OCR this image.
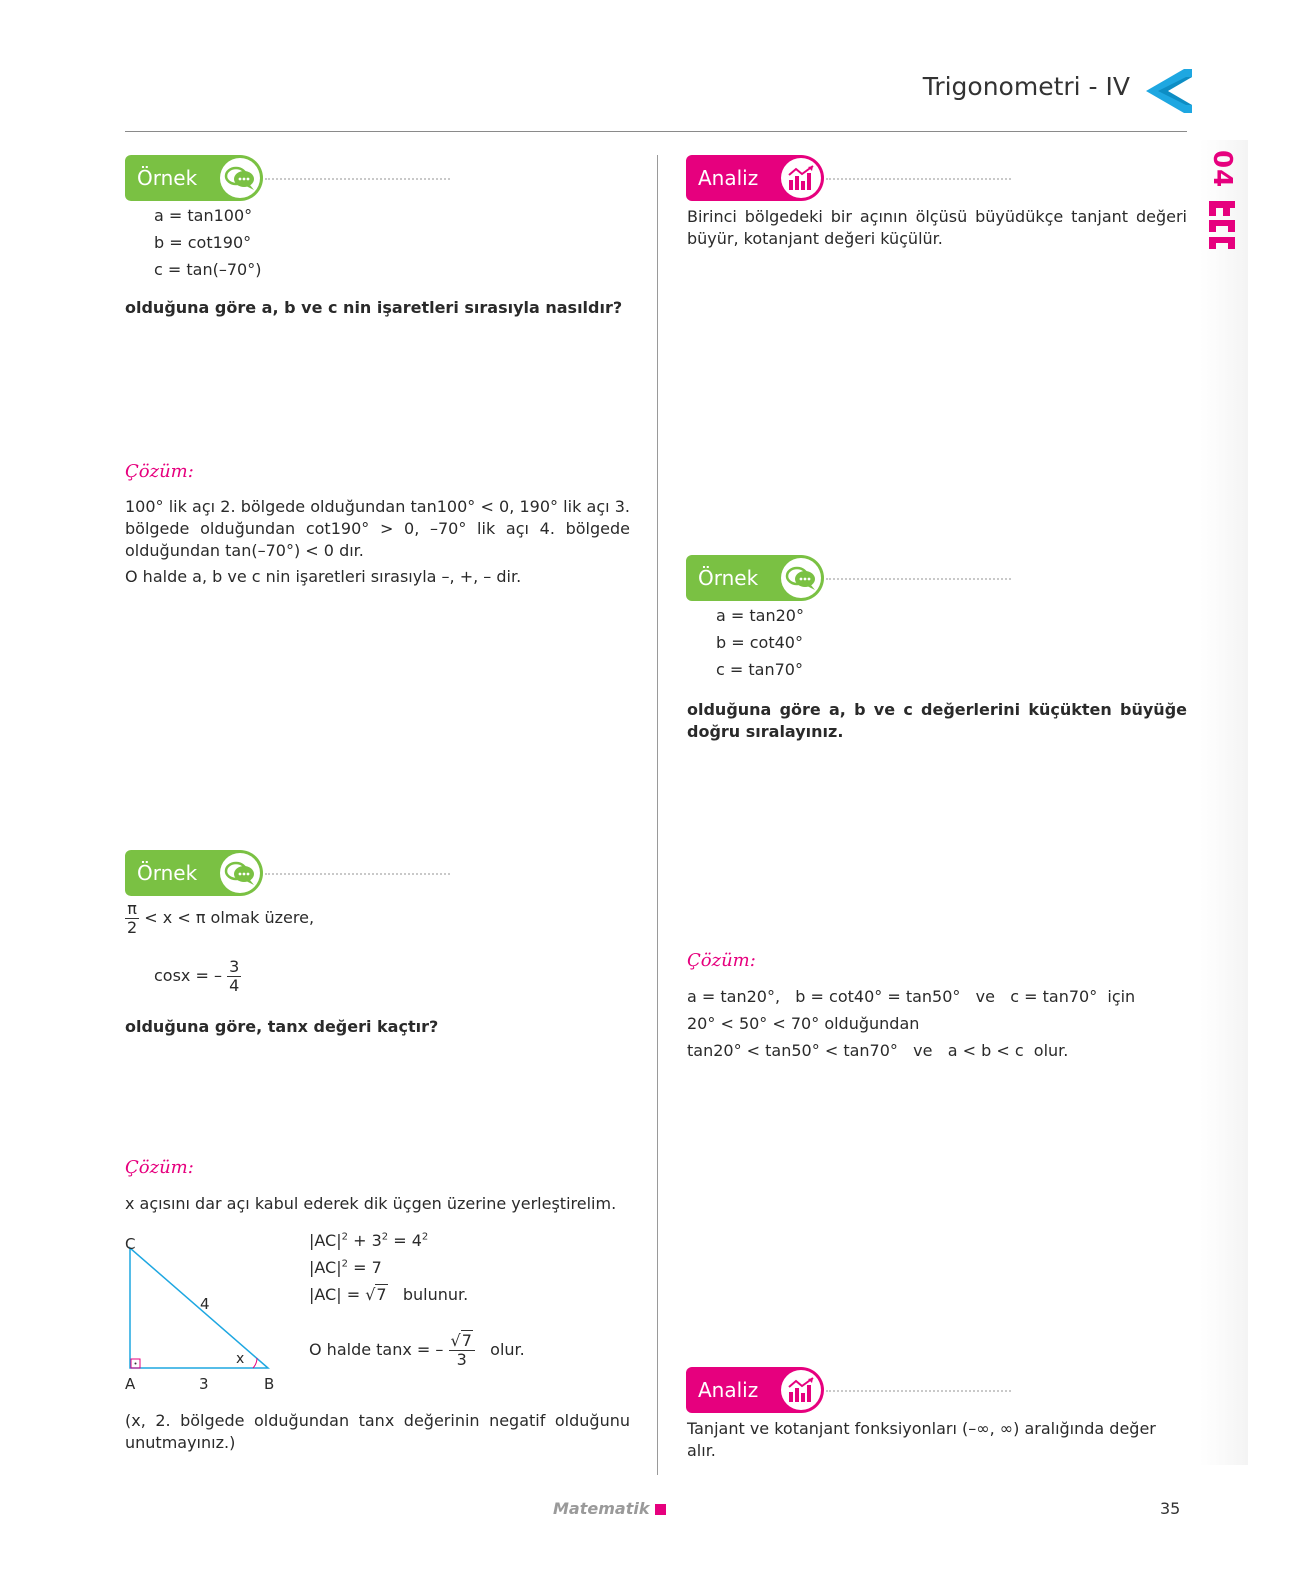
Trigonometri - IV
04
Örnek
a = tan100°
b = cot190°
c = tan(–70°)
olduğuna göre a, b ve c nin işaretleri sırasıyla nasıldır?
Çözüm:
100° lik açı 2. bölgede olduğundan tan100° < 0, 190° lik açı 3. bölgede olduğundan cot190° > 0, –70° lik açı 4. bölgede olduğundan tan(–70°) < 0 dır.
O halde a, b ve c nin işaretleri sırasıyla –, +, – dir.
Örnek
$\frac{\pi}{2} < x < \pi$ olmak üzere,
cosx = – $\frac{3}{4}$
olduğuna göre, tanx değeri kaçtır?
Çözüm:
x açısını dar açı kabul ederek dik üçgen üzerine yerleştirelim.
C
A	B
3
4
x
$|AC|^2 + 3^2 = 4^2$
$|AC|^2 = 7$
|AC| = √7 bulunur.
O halde tanx = – $\frac{√7}{3}$ olur.
(x, 2. bölgede olduğundan tanx değerinin negatif olduğunu unutmayınız.)
Analiz
Birinci bölgedeki bir açının ölçüsü büyüdükçe tanjant değeri büyür, kotanjant değeri küçülür.
Örnek
a = tan20°
b = cot40°
c = tan70°
olduğuna göre a, b ve c değerlerini küçükten büyüğe doğru sıralayınız.
Çözüm:
a = tan20°,   b = cot40° = tan50°   ve   c = tan70°  için
20° < 50° < 70° olduğundan
tan20° < tan50° < tan70°   ve   a < b < c  olur.
Analiz
Tanjant ve kotanjant fonksiyonları (–∞, ∞) aralığında değer alır.
Matematik	35
